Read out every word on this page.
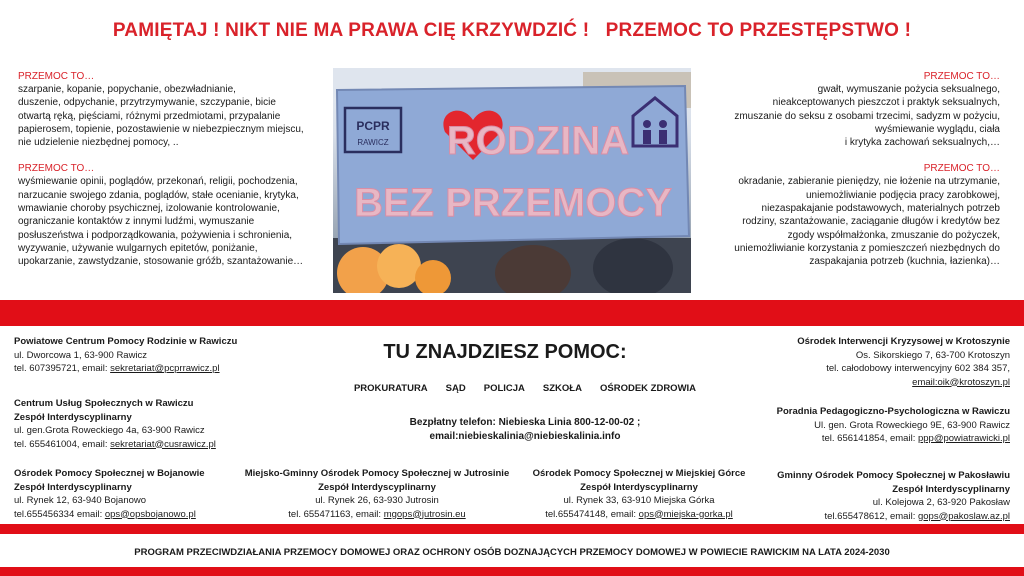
PAMIĘTAJ ! NIKT NIE MA PRAWA CIĘ KRZYWDZIĆ !   PRZEMOC TO PRZESTĘPSTWO !
PRZEMOC TO…
szarpanie, kopanie, popychanie, obezwładnianie,
duszenie, odpychanie, przytrzymywanie, szczypanie, bicie
otwartą ręką, pięściami, różnymi przedmiotami, przypalanie
papierosem, topienie, pozostawienie w niebezpiecznym miejscu,
nie udzielenie niezbędnej pomocy, ..
PRZEMOC TO…
wyśmiewanie opinii, poglądów, przekonań, religii, pochodzenia,
narzucanie swojego zdania, poglądów, stałe ocenianie, krytyka,
wmawianie choroby psychicznej, izolowanie kontrolowanie,
ograniczanie kontaktów z innymi ludźmi, wymuszanie
posłuszeństwa i podporządkowania, pożywienia i schronienia,
wyzywanie, używanie wulgarnych epitetów, poniżanie,
upokarzanie, zawstydzanie, stosowanie gróźb, szantażowanie…
PCPR
RAWICZ RODZINA
BEZ PRZEMOCY
PRZEMOC TO…
gwałt, wymuszanie pożycia seksualnego,
nieakceptowanych pieszczot i praktyk seksualnych,
zmuszanie do seksu z osobami trzecimi, sadyzm w pożyciu,
wyśmiewanie wyglądu, ciała
i krytyka zachowań seksualnych,…
PRZEMOC TO…
okradanie, zabieranie pieniędzy, nie łożenie na utrzymanie,
uniemożliwianie podjęcia pracy zarobkowej,
niezaspakajanie podstawowych, materialnych potrzeb
rodziny, szantażowanie, zaciąganie długów i kredytów bez
zgody współmałżonka, zmuszanie do pożyczek,
uniemożliwianie korzystania z pomieszczeń niezbędnych do
zaspakajania potrzeb (kuchnia, łazienka)…
Powiatowe Centrum Pomocy Rodzinie w Rawiczu
ul. Dworcowa 1, 63-900 Rawicz
tel. 607395721, email: sekretariat@pcprrawicz.pl
Centrum Usług Społecznych w Rawiczu
Zespół Interdyscyplinarny
ul. gen.Grota Roweckiego 4a, 63-900 Rawicz
tel. 655461004, email: sekretariat@cusrawicz.pl
Ośrodek Pomocy Społecznej w Bojanowie
Zespół Interdyscyplinarny
ul. Rynek 12, 63-940 Bojanowo
tel.655456334 email: ops@opsbojanowo.pl
Miejsko-Gminny Ośrodek Pomocy Społecznej w Jutrosinie
Zespół Interdyscyplinarny
ul. Rynek 26, 63-930 Jutrosin
tel. 655471163, email: mgops@jutrosin.eu
Ośrodek Pomocy Społecznej w Miejskiej Górce
Zespół Interdyscyplinarny
ul. Rynek 33, 63-910 Miejska Górka
tel.655474148, email: ops@miejska-gorka.pl
TU ZNAJDZIESZ POMOC:
PROKURATURA SĄD POLICJA SZKOŁA OŚRODEK ZDROWIA
Bezpłatny telefon: Niebieska Linia 800-12-00-02 ;
email:niebieskalinia@niebieskalinia.info
Ośrodek Interwencji Kryzysowej w Krotoszynie
Os. Sikorskiego 7, 63-700 Krotoszyn
tel. całodobowy interwencyjny 602 384 357,
email:oik@krotoszyn.pl
Poradnia Pedagogiczno-Psychologiczna w Rawiczu
Ul. gen. Grota Roweckiego 9E, 63-900 Rawicz
tel. 656141854, email: ppp@powiatrawicki.pl
Gminny Ośrodek Pomocy Społecznej w Pakosławiu
Zespół Interdyscyplinarny
ul. Kolejowa 2, 63-920 Pakosław
tel.655478612, email: gops@pakoslaw.az.pl
PROGRAM PRZECIWDZIAŁANIA PRZEMOCY DOMOWEJ ORAZ OCHRONY OSÓB DOZNAJĄCYCH PRZEMOCY DOMOWEJ W POWIECIE RAWICKIM NA LATA 2024-2030
